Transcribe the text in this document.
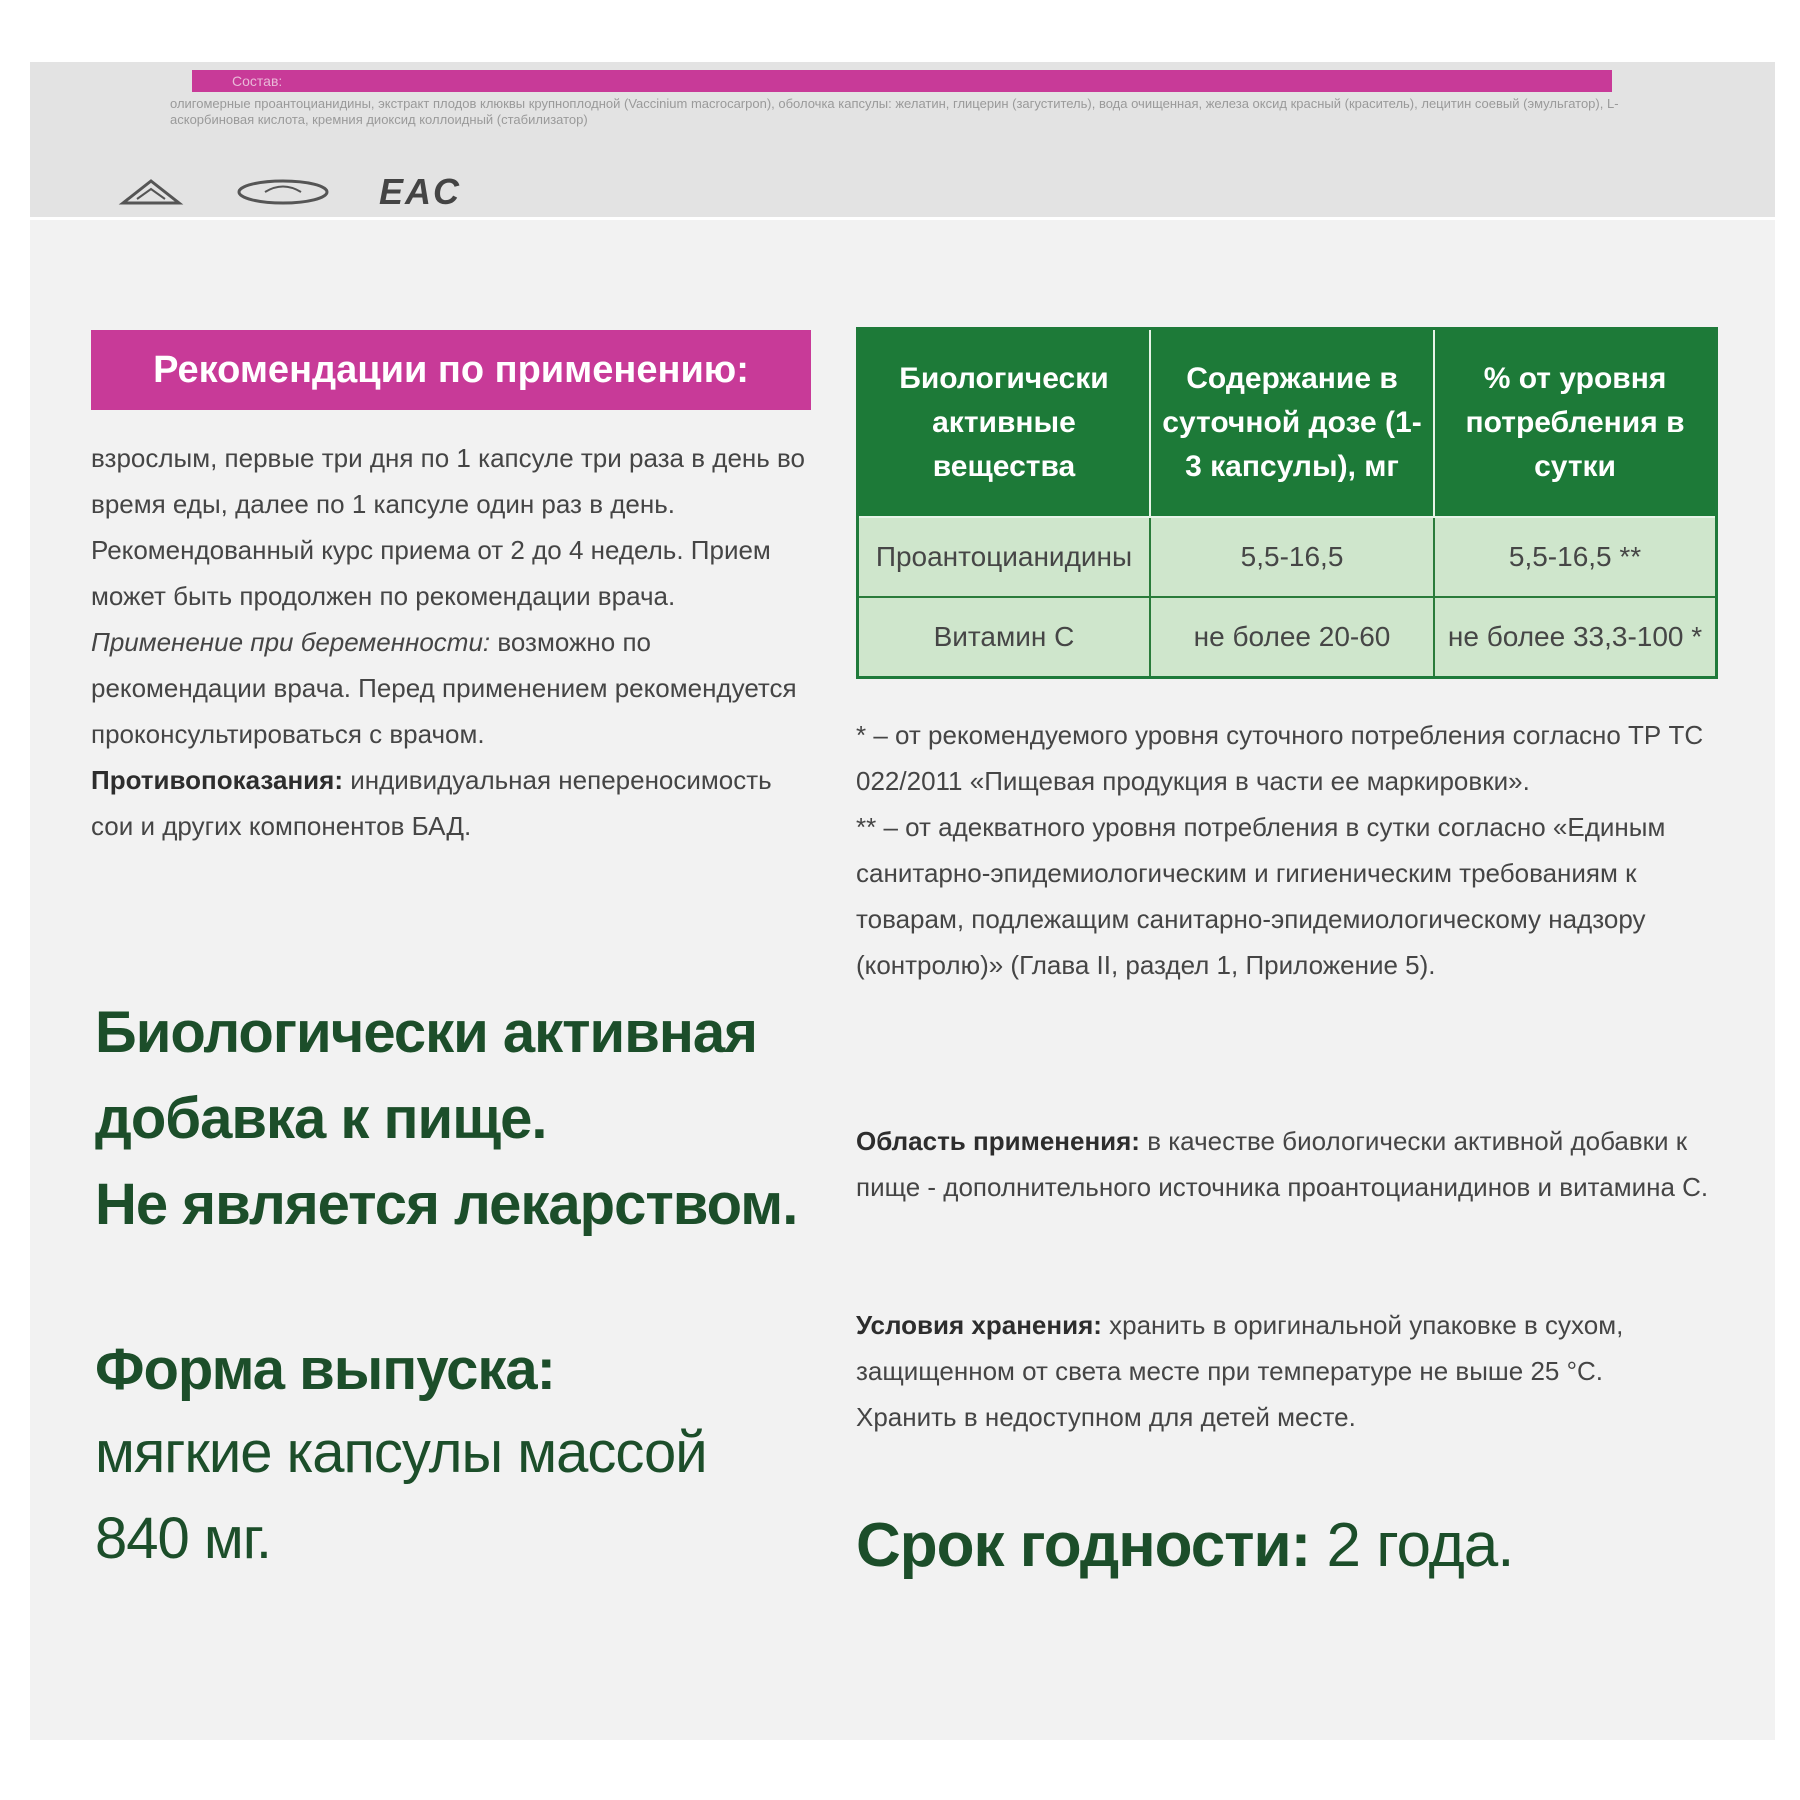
Состав:
олигомерные проантоцианидины, экстракт плодов клюквы крупноплодной (Vaccinium macrocarpon), оболочка капсулы: желатин, глицерин (загуститель), вода очищенная, железа оксид красный (краситель), лецитин соевый (эмульгатор), L-аскорбиновая кислота, кремния диоксид коллоидный (стабилизатор)
EAC
Рекомендации по применению:

взрослым, первые три дня по 1 капсуле три раза в день во время еды, далее по 1 капсуле один раз в день. Рекомендованный курс приема от 2 до 4 недель. Прием может быть продолжен по рекомендации врача.

Применение при беременности: возможно по рекомендации врача. Перед применением рекомендуется проконсультироваться с врачом.

Противопоказания: индивидуальная непереносимость сои и других компонентов БАД.

Биологически активная
добавка к пище.
Не является лекарством.
Форма выпуска:
мягкие капсулы массой 840 мг.
Биологически активные вещества	Содержание в суточной дозе (1-3 капсулы), мг	% от уровня потребления в сутки
Проантоцианидины	5,5-16,5	5,5-16,5 **
Витамин С	не более 20-60	не более 33,3-100 *

* – от рекомендуемого уровня суточного потребления согласно ТР ТС 022/2011 «Пищевая продукция в части ее маркировки».

** – от адекватного уровня потребления в сутки согласно «Единым санитарно-эпидемиологическим и гигиеническим требованиям к товарам, подлежащим санитарно-эпидемиологическому надзору (контролю)» (Глава II, раздел 1, Приложение 5).

Область применения: в качестве биологически активной добавки к пище - дополнительного источника проантоцианидинов и витамина С.

Условия хранения: хранить в оригинальной упаковке в сухом, защищенном от света месте при температуре не выше 25 °С.

Хранить в недоступном для детей месте.

Срок годности: 2 года.
